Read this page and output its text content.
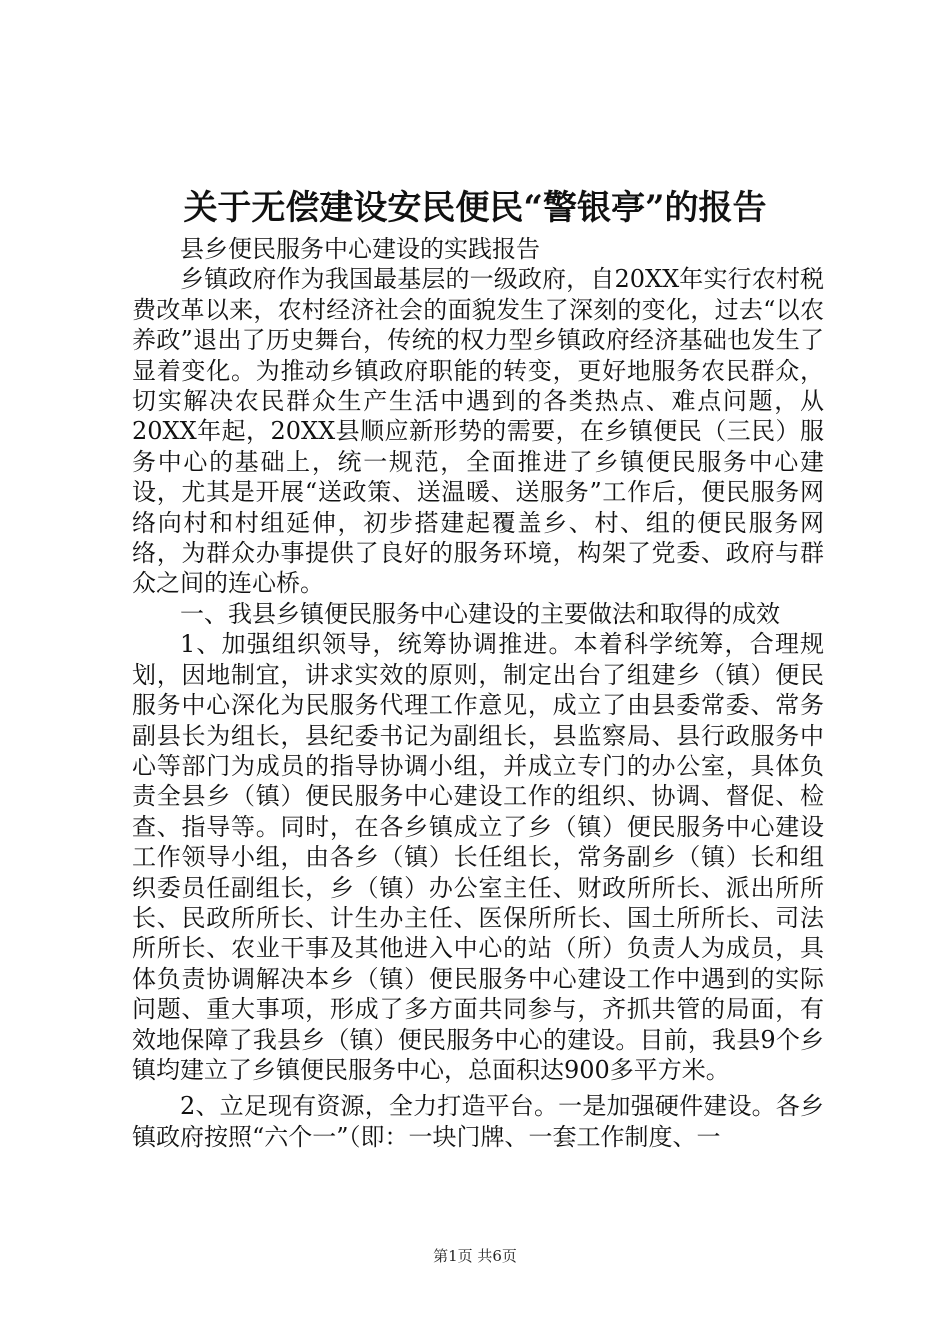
关于无偿建设安民便民“警银亭”的报告

县乡便民服务中心建设的实践报告

乡镇政府作为我国最基层的一级政府，自20XX年实行农村税费改革以来，农村经济社会的面貌发生了深刻的变化，过去“以农养政”退出了历史舞台，传统的权力型乡镇政府经济基础也发生了显着变化。为推动乡镇政府职能的转变，更好地服务农民群众，切实解决农民群众生产生活中遇到的各类热点、难点问题，从20XX年起，20XX县顺应新形势的需要，在乡镇便民（三民）服务中心的基础上，统一规范，全面推进了乡镇便民服务中心建设，尤其是开展“送政策、送温暖、送服务”工作后，便民服务网络向村和村组延伸，初步搭建起覆盖乡、村、组的便民服务网络，为群众办事提供了良好的服务环境，构架了党委、政府与群众之间的连心桥。

一、我县乡镇便民服务中心建设的主要做法和取得的成效

1、加强组织领导，统筹协调推进。本着科学统筹，合理规划，因地制宜，讲求实效的原则，制定出台了组建乡（镇）便民服务中心深化为民服务代理工作意见，成立了由县委常委、常务副县长为组长，县纪委书记为副组长，县监察局、县行政服务中心等部门为成员的指导协调小组，并成立专门的办公室，具体负责全县乡（镇）便民服务中心建设工作的组织、协调、督促、检查、指导等。同时，在各乡镇成立了乡（镇）便民服务中心建设工作领导小组，由各乡（镇）长任组长，常务副乡（镇）长和组织委员任副组长，乡（镇）办公室主任、财政所所长、派出所所长、民政所所长、计生办主任、医保所所长、国土所所长、司法所所长、农业干事及其他进入中心的站（所）负责人为成员，具体负责协调解决本乡（镇）便民服务中心建设工作中遇到的实际问题、重大事项，形成了多方面共同参与，齐抓共管的局面，有效地保障了我县乡（镇）便民服务中心的建设。目前，我县9个乡镇均建立了乡镇便民服务中心，总面积达900多平方米。

2、立足现有资源，全力打造平台。一是加强硬件建设。各乡镇政府按照“六个一”（即：一块门牌、一套工作制度、一

第1页 共6页
